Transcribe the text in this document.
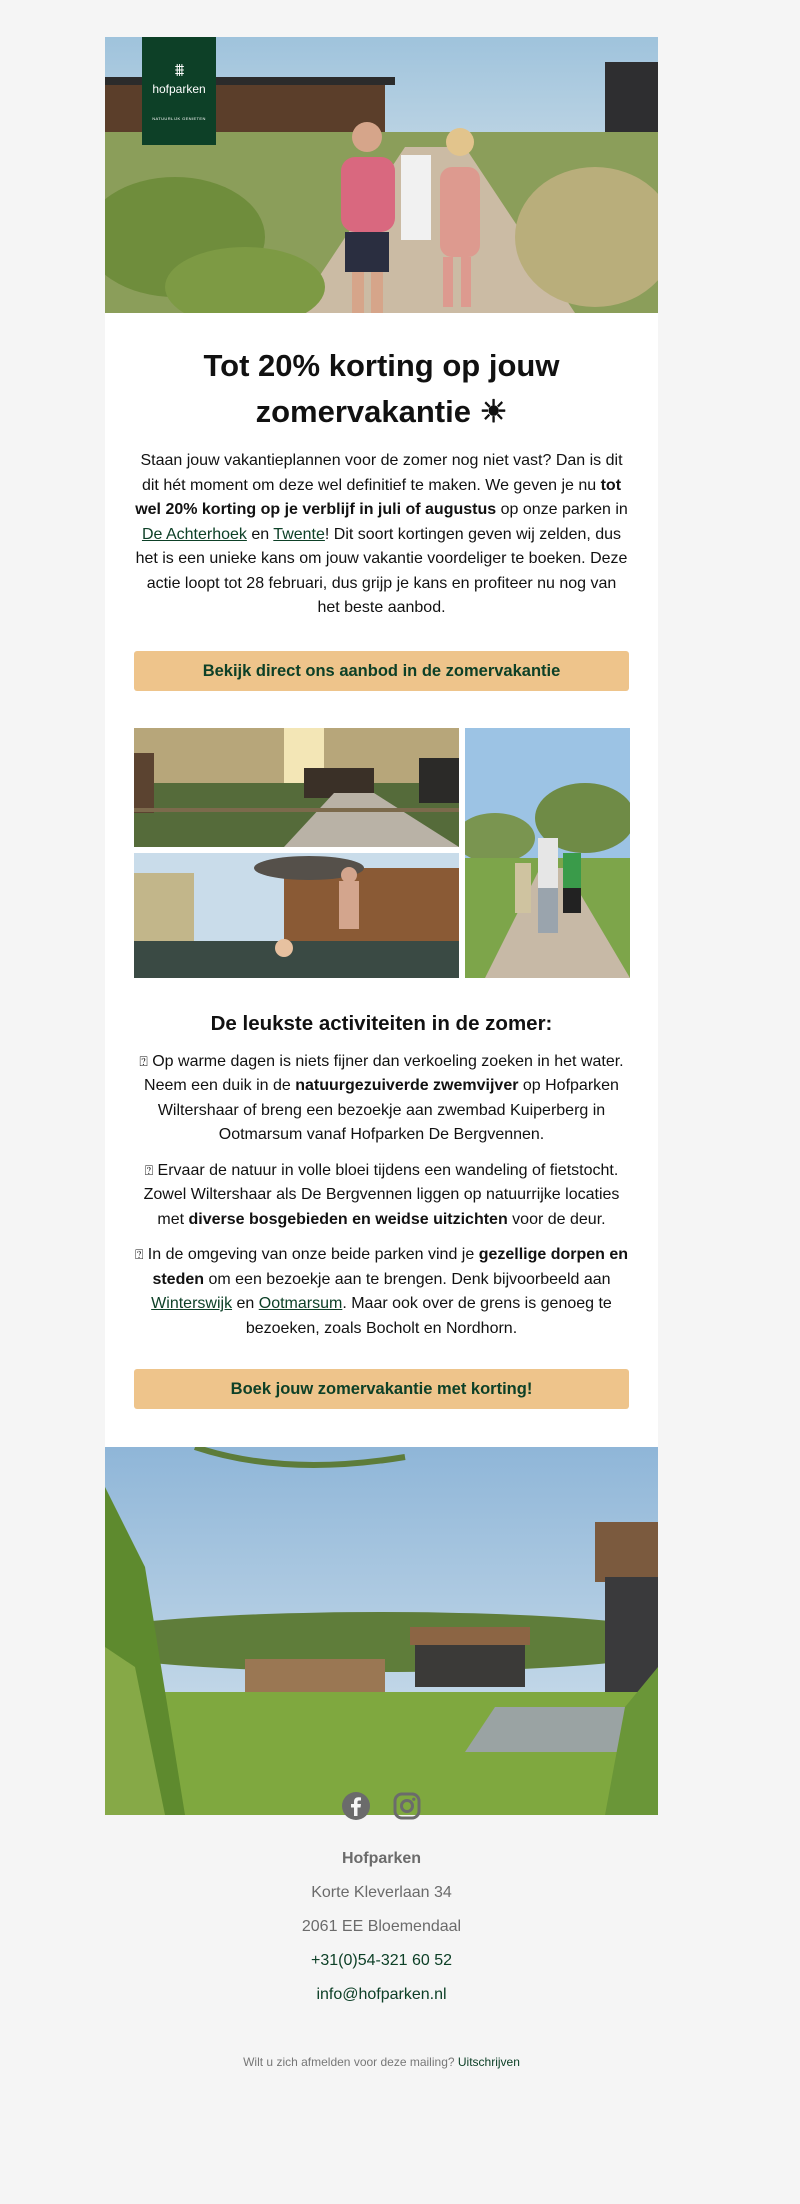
⩩
hofparken
NATUURLIJK GENIETEN
Tot 20% korting op jouw zomervakantie ☀

Staan jouw vakantieplannen voor de zomer nog niet vast? Dan is dit dit hét moment om deze wel definitief te maken. We geven je nu tot wel 20% korting op je verblijf in juli of augustus op onze parken in De Achterhoek en Twente! Dit soort kortingen geven wij zelden, dus het is een unieke kans om jouw vakantie voordeliger te boeken. Deze actie loopt tot 28 februari, dus grijp je kans en profiteer nu nog van het beste aanbod.

Bekijk direct ons aanbod in de zomervakantie
De leukste activiteiten in de zomer:

⍰ Op warme dagen is niets fijner dan verkoeling zoeken in het water. Neem een duik in de natuurgezuiverde zwemvijver op Hofparken Wiltershaar of breng een bezoekje aan zwembad Kuiperberg in Ootmarsum vanaf Hofparken De Bergvennen.

⍰ Ervaar de natuur in volle bloei tijdens een wandeling of fietstocht. Zowel Wiltershaar als De Bergvennen liggen op natuurrijke locaties met diverse bosgebieden en weidse uitzichten voor de deur.

⍰ In de omgeving van onze beide parken vind je gezellige dorpen en steden om een bezoekje aan te brengen. Denk bijvoorbeeld aan Winterswijk en Ootmarsum. Maar ook over de grens is genoeg te bezoeken, zoals Bocholt en Nordhorn.

Boek jouw zomervakantie met korting!

Hofparken
Korte Kleverlaan 34
2061 EE Bloemendaal
+31(0)54-321 60 52
info@hofparken.nl
Wilt u zich afmelden voor deze mailing? Uitschrijven
